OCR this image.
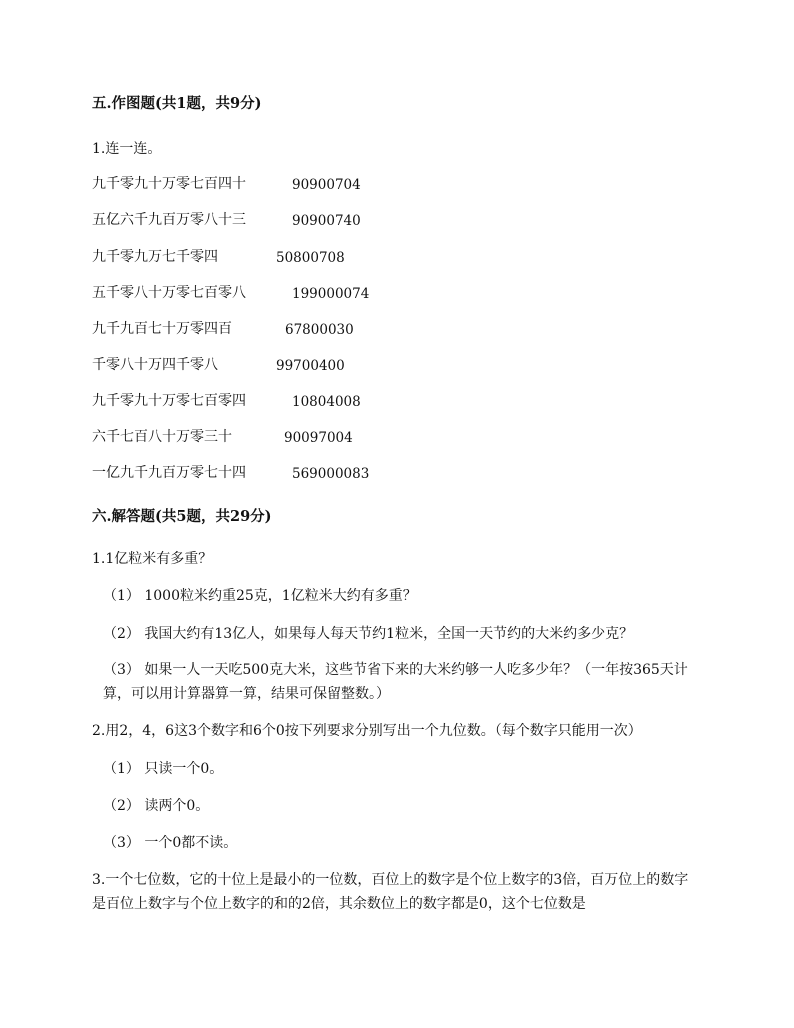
五.作图题(共1题，共9分)
1.连一连。
九千零九十万零七百四十	90900704
五亿六千九百万零八十三	90900740
九千零九万七千零四	50800708
五千零八十万零七百零八	199000074
九千九百七十万零四百	67800030
千零八十万四千零八	99700400
九千零九十万零七百零四	10804008
六千七百八十万零三十	90097004
一亿九千九百万零七十四	569000083
六.解答题(共5题，共29分)
1.1亿粒米有多重？
（1） 1000粒米约重25克，1亿粒米大约有多重？
（2） 我国大约有13亿人，如果每人每天节约1粒米，全国一天节约的大米约多少克？
（3） 如果一人一天吃500克大米，这些节省下来的大米约够一人吃多少年？（一年按365天计算，可以用计算器算一算，结果可保留整数。）
2.用2，4，6这3个数字和6个0按下列要求分别写出一个九位数。（每个数字只能用一次）
（1） 只读一个0。
（2） 读两个0。
（3） 一个0都不读。
3.一个七位数，它的十位上是最小的一位数，百位上的数字是个位上数字的3倍，百万位上的数字是百位上数字与个位上数字的和的2倍，其余数位上的数字都是0，这个七位数是
